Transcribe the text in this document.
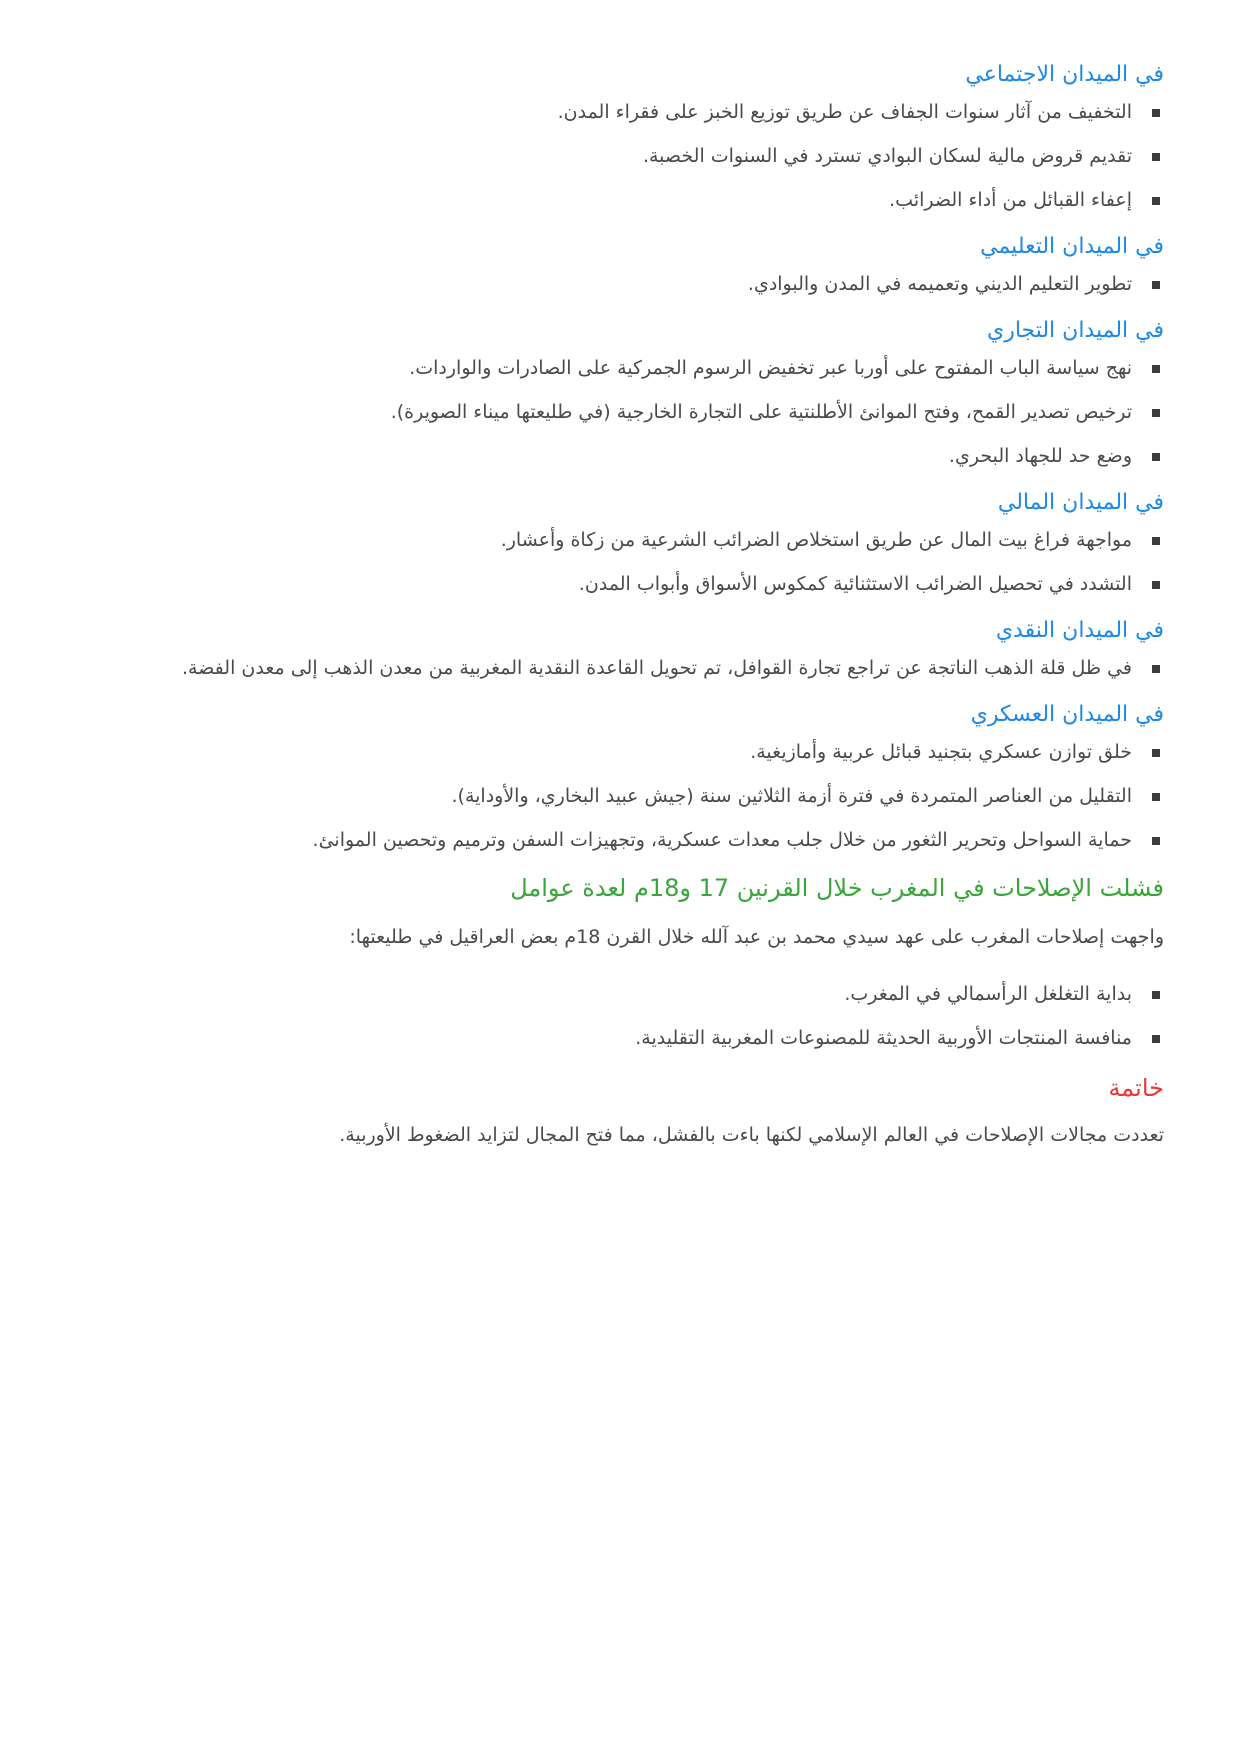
في الميدان الاجتماعي
التخفيف من آثار سنوات الجفاف عن طريق توزيع الخبز على فقراء المدن.
تقديم قروض مالية لسكان البوادي تسترد في السنوات الخصبة.
إعفاء القبائل من أداء الضرائب.
في الميدان التعليمي
تطوير التعليم الديني وتعميمه في المدن والبوادي.
في الميدان التجاري
نهج سياسة الباب المفتوح على أوربا عبر تخفيض الرسوم الجمركية على الصادرات والواردات.
ترخيص تصدير القمح، وفتح الموانئ الأطلنتية على التجارة الخارجية (في طليعتها ميناء الصويرة).
وضع حد للجهاد البحري.
في الميدان المالي
مواجهة فراغ بيت المال عن طريق استخلاص الضرائب الشرعية من زكاة وأعشار.
التشدد في تحصيل الضرائب الاستثنائية كمكوس الأسواق وأبواب المدن.
في الميدان النقدي
في ظل قلة الذهب الناتجة عن تراجع تجارة القوافل، تم تحويل القاعدة النقدية المغربية من معدن الذهب إلى معدن الفضة.
في الميدان العسكري
خلق توازن عسكري بتجنيد قبائل عربية وأمازيغية.
التقليل من العناصر المتمردة في فترة أزمة الثلاثين سنة (جيش عبيد البخاري، والأوداية).
حماية السواحل وتحرير الثغور من خلال جلب معدات عسكرية، وتجهيزات السفن وترميم وتحصين الموانئ.
فشلت الإصلاحات في المغرب خلال القرنين 17 و18م لعدة عوامل

واجهت إصلاحات المغرب على عهد سيدي محمد بن عبد آلله خلال القرن 18م بعض العراقيل في طليعتها:

بداية التغلغل الرأسمالي في المغرب.
منافسة المنتجات الأوربية الحديثة للمصنوعات المغربية التقليدية.
خاتمة

تعددت مجالات الإصلاحات في العالم الإسلامي لكنها باءت بالفشل، مما فتح المجال لتزايد الضغوط الأوربية.
